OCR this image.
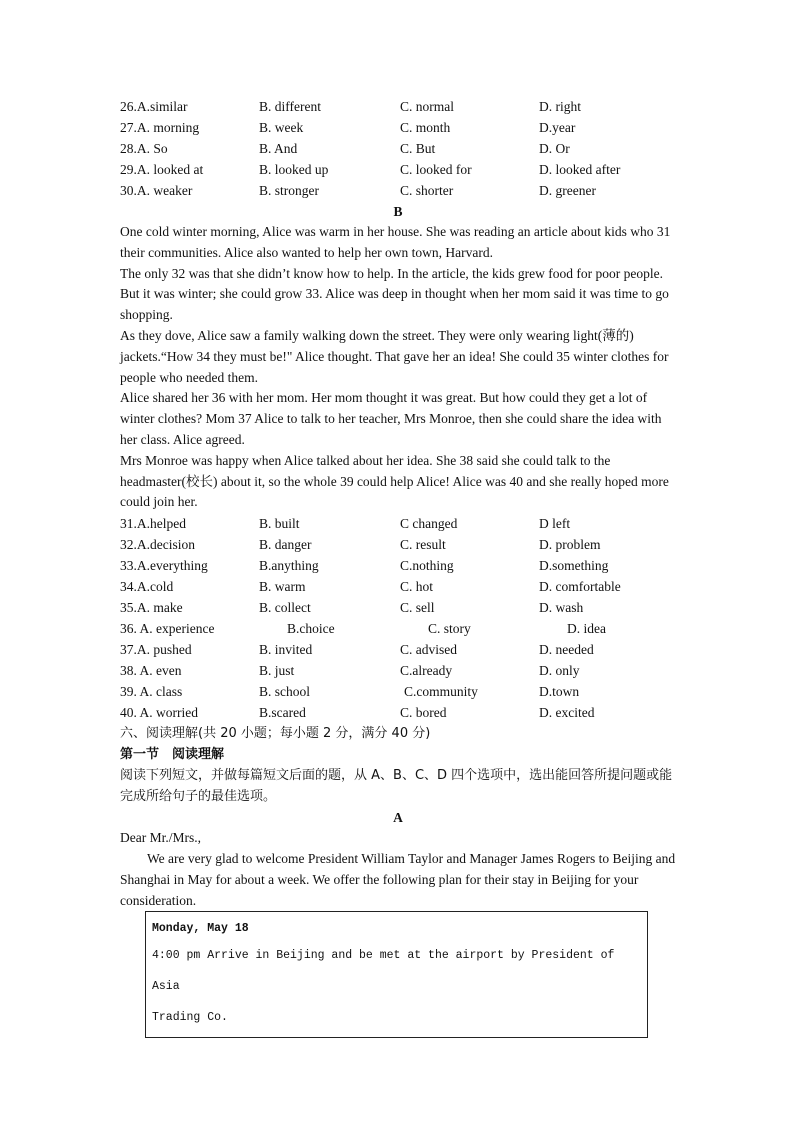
26.A.similar	B. different	C. normal	D. right
27.A. morning	B. week	C. month	D.year
28.A. So	B. And	C. But	D. Or
29.A. looked at	B. looked up	C. looked for	D. looked after
30.A. weaker	B. stronger	C. shorter	D. greener
B

One cold winter morning, Alice was warm in her house. She was reading an article about kids who 31 their communities. Alice also wanted to help her own town, Harvard.

The only 32 was that she didn’t know how to help. In the article, the kids grew food for poor people. But it was winter; she could grow 33. Alice was deep in thought when her mom said it was time to go shopping.

As they dove, Alice saw a family walking down the street. They were only wearing light(薄的) jackets.“How 34 they must be!" Alice thought. That gave her an idea! She could 35 winter clothes for people who needed them.

Alice shared her 36 with her mom. Her mom thought it was great. But how could they get a lot of winter clothes? Mom 37 Alice to talk to her teacher, Mrs Monroe, then she could share the idea with her class. Alice agreed.

Mrs Monroe was happy when Alice talked about her idea. She 38 said she could talk to the headmaster(校长) about it, so the whole 39 could help Alice! Alice was 40 and she really hoped more could join her.

31.A.helped	B. built	C changed	D left
32.A.decision	B. danger	C. result	D. problem
33.A.everything	B.anything	C.nothing	D.something
34.A.cold	B. warm	C. hot	D. comfortable
35.A. make	B. collect	C. sell	D. wash
36. A. experience	B.choice	C. story	D. idea
37.A. pushed	B. invited	C. advised	D. needed
38. A. even	B. just	C.already	D. only
39. A. class	B. school	C.community	D.town
40. A. worried	B.scared	C. bored	D. excited
六、阅读理解(共 20 小题；每小题 2 分，满分 40 分)
第一节　阅读理解
阅读下列短文，并做每篇短文后面的题，从 A、B、C、D 四个选项中，选出能回答所提问题或能完成所给句子的最佳选项。
A

Dear Mr./Mrs.,

We are very glad to welcome President William Taylor and Manager James Rogers to Beijing and Shanghai in May for about a week. We offer the following plan for their stay in Beijing for your consideration.

Monday, May 18
4:00 pm Arrive in Beijing and be met at the airport by President of Asia
Trading Co.
